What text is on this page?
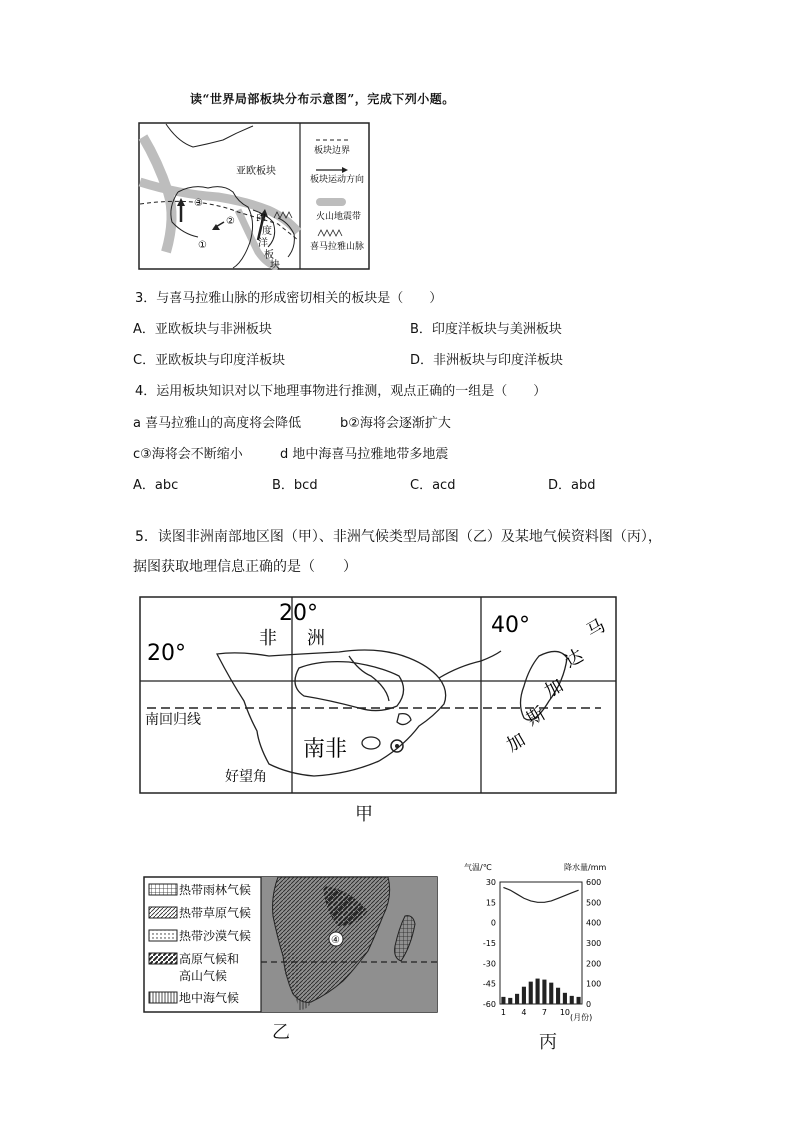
读“世界局部板块分布示意图”，完成下列小题。
亚欧板块
印
度
洋
板
块
①
②
③
板块边界
板块运动方向
火山地震带
喜马拉雅山脉
3．与喜马拉雅山脉的形成密切相关的板块是（　　）
A．亚欧板块与非洲板块	B．印度洋板块与美洲板块
C．亚欧板块与印度洋板块	D．非洲板块与印度洋板块
4．运用板块知识对以下地理事物进行推测，观点正确的一组是（　　）
a 喜马拉雅山的高度将会降低	b②海将会逐渐扩大
c③海将会不断缩小	d 地中海喜马拉雅地带多地震
A．abc	B．bcd	C．acd	D．abd
5．读图非洲南部地区图（甲）、非洲气候类型局部图（乙）及某地气候资料图（丙），
据图获取地理信息正确的是（　　）
20°
20°
40°
非 洲
南回归线
南非
好望角
马
达
加
斯
加
甲
④
热带雨林气候
热带草原气候
热带沙漠气候
高原气候和
高山气候
地中海气候
乙
气温/℃	降水量/mm
30
15
0
-15
-30
-45
-60
600
500
400
300
200
100
0
1 4 7 10
(月份)
丙
